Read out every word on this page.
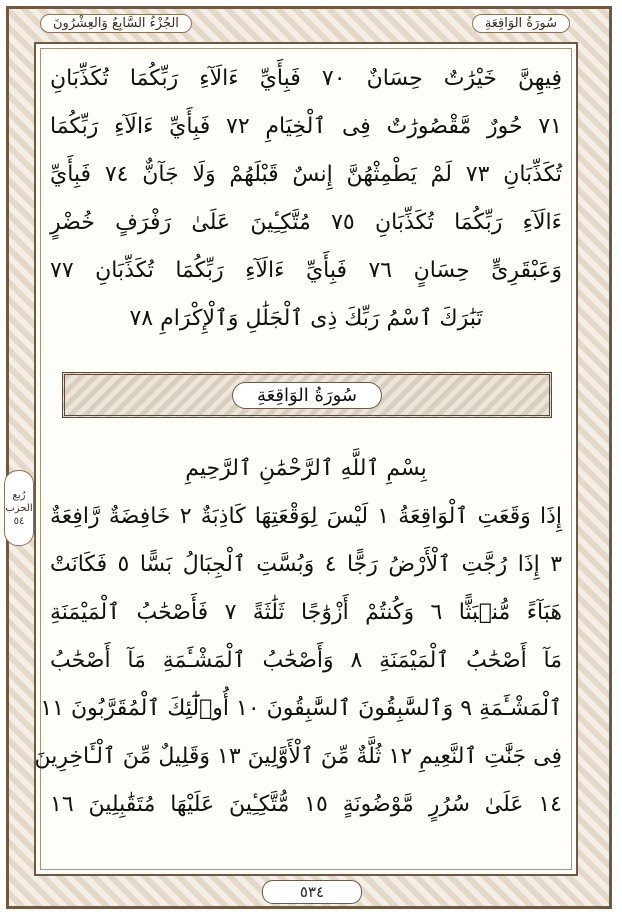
الجُزْءُ السَّابِعُ وَالعِشْرُونَ	سُورَةُ الوَاقِعَةِ
فِيهِنَّ خَيْرَٰتٌ حِسَانٌ ٧٠ فَبِأَيِّ ءَالَآءِ رَبِّكُمَا تُكَذِّبَانِ
٧١ حُورٌ مَّقْصُورَٰتٌ فِى ٱلْخِيَامِ ٧٢ فَبِأَيِّ ءَالَآءِ رَبِّكُمَا
تُكَذِّبَانِ ٧٣ لَمْ يَطْمِثْهُنَّ إِنسٌ قَبْلَهُمْ وَلَا جَآنٌّ ٧٤ فَبِأَيِّ
ءَالَآءِ رَبِّكُمَا تُكَذِّبَانِ ٧٥ مُتَّكِـِٔينَ عَلَىٰ رَفْرَفٍ خُضْرٍ
وَعَبْقَرِىٍّ حِسَانٍ ٧٦ فَبِأَيِّ ءَالَآءِ رَبِّكُمَا تُكَذِّبَانِ ٧٧
تَبَٰرَكَ ٱسْمُ رَبِّكَ ذِى ٱلْجَلَٰلِ وَٱلْإِكْرَامِ ٧٨
سُورَةُ الوَاقِعَةِ
بِسْمِ ٱللَّهِ ٱلرَّحْمَٰنِ ٱلرَّحِيمِ
إِذَا وَقَعَتِ ٱلْوَاقِعَةُ ١ لَيْسَ لِوَقْعَتِهَا كَاذِبَةٌ ٢ خَافِضَةٌ رَّافِعَةٌ
٣ إِذَا رُجَّتِ ٱلْأَرْضُ رَجًّا ٤ وَبُسَّتِ ٱلْجِبَالُ بَسًّا ٥ فَكَانَتْ
هَبَآءً مُّنۢبَثًّا ٦ وَكُنتُمْ أَزْوَٰجًا ثَلَٰثَةً ٧ فَأَصْحَٰبُ ٱلْمَيْمَنَةِ
مَآ أَصْحَٰبُ ٱلْمَيْمَنَةِ ٨ وَأَصْحَٰبُ ٱلْمَشْـَٔمَةِ مَآ أَصْحَٰبُ
ٱلْمَشْـَٔمَةِ ٩ وَٱلسَّٰبِقُونَ ٱلسَّٰبِقُونَ ١٠ أُو۟لَٰٓئِكَ ٱلْمُقَرَّبُونَ ١١
فِى جَنَّٰتِ ٱلنَّعِيمِ ١٢ ثُلَّةٌ مِّنَ ٱلْأَوَّلِينَ ١٣ وَقَلِيلٌ مِّنَ ٱلْـَٔاخِرِينَ
١٤ عَلَىٰ سُرُرٍ مَّوْضُونَةٍ ١٥ مُّتَّكِـِٔينَ عَلَيْهَا مُتَقَٰبِلِينَ ١٦
رُبع
الحزب
٥٤
٥٣٤
